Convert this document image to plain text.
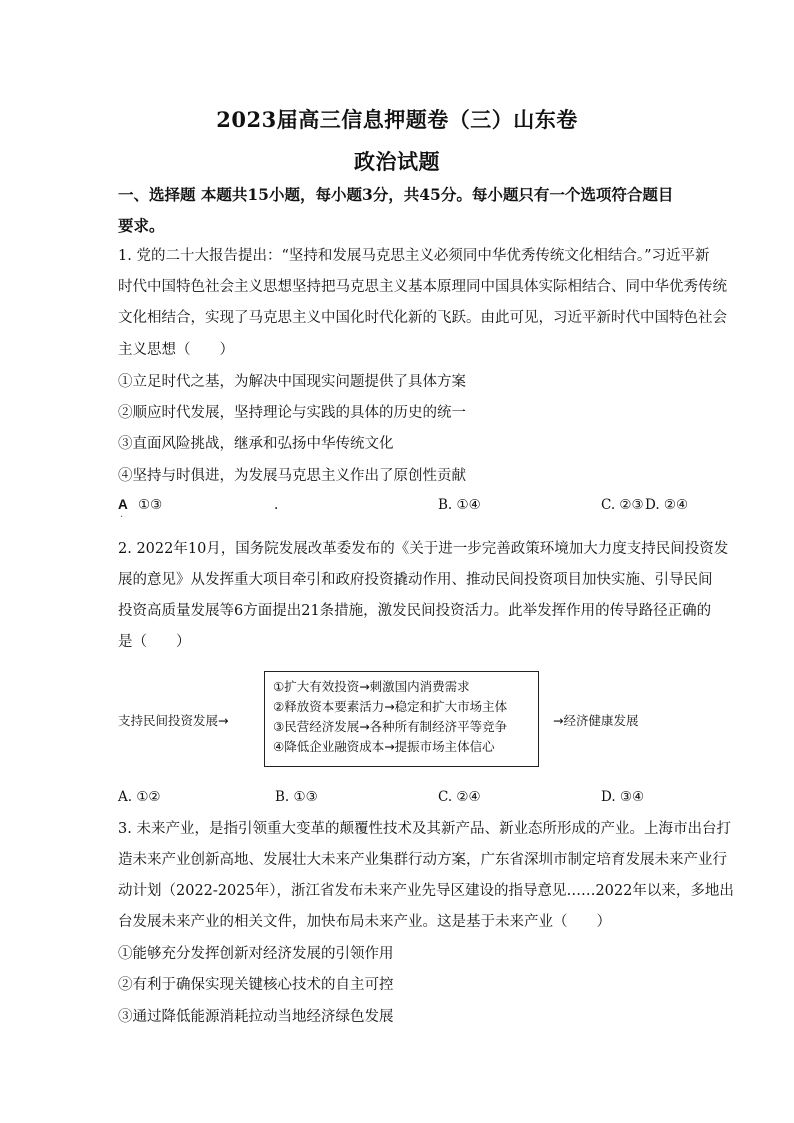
2023届高三信息押题卷（三）山东卷
政治试题
一、选择题 本题共15小题，每小题3分，共45分。每小题只有一个选项符合题目
要求。
1. 党的二十大报告提出：“坚持和发展马克思主义必须同中华优秀传统文化相结合。”习近平新
时代中国特色社会主义思想坚持把马克思主义基本原理同中国具体实际相结合、同中华优秀传统
文化相结合，实现了马克思主义中国化时代化新的飞跃。由此可见，习近平新时代中国特色社会
主义思想（　　）
①立足时代之基，为解决中国现实问题提供了具体方案
②顺应时代发展，坚持理论与实践的具体的历史的统一
③直面风险挑战，继承和弘扬中华传统文化
④坚持与时俱进，为发展马克思主义作出了原创性贡献
A ①③
·
.	B. ①④	C. ②③ D. ②④
2. 2022年10月，国务院发展改革委发布的《关于进一步完善政策环境加大力度支持民间投资发
展的意见》从发挥重大项目牵引和政府投资撬动作用、推动民间投资项目加快实施、引导民间
投资高质量发展等6方面提出21条措施，激发民间投资活力。此举发挥作用的传导路径正确的
是（　　）
支持民间投资发展→
①扩大有效投资→刺激国内消费需求
②释放资本要素活力→稳定和扩大市场主体
③民营经济发展→各种所有制经济平等竞争
④降低企业融资成本→提振市场主体信心
→经济健康发展
A. ①②	B. ①③	C. ②④	D. ③④
3. 未来产业，是指引领重大变革的颠覆性技术及其新产品、新业态所形成的产业。上海市出台打
造未来产业创新高地、发展壮大未来产业集群行动方案，广东省深圳市制定培育发展未来产业行
动计划（2022-2025年），浙江省发布未来产业先导区建设的指导意见……2022年以来，多地出
台发展未来产业的相关文件，加快布局未来产业。这是基于未来产业（　　）
①能够充分发挥创新对经济发展的引领作用
②有利于确保实现关键核心技术的自主可控
③通过降低能源消耗拉动当地经济绿色发展
